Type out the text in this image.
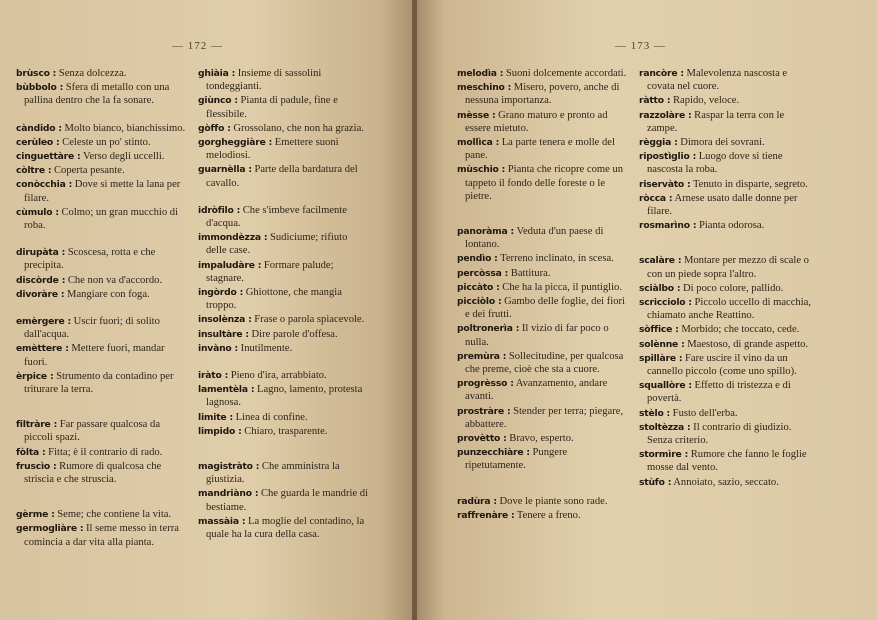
— 172 —
brùsco : Senza dolcezza.
bùbbolo : Sfera di metallo con una pallina dentro che la fa sonare.
càndido : Molto bianco, bianchissimo.
cerùleo : Celeste un po' stinto.
cinguettàre : Verso degli uccelli.
còltre : Coperta pesante.
conòcchia : Dove si mette la lana per filare.
cùmulo : Colmo; un gran mucchio di roba.
dirupàta : Scoscesa, rotta e che precipita.
discòrde : Che non va d'accordo.
divoràre : Mangiare con foga.
emèrgere : Uscir fuori; di solito dall'acqua.
emèttere : Mettere fuori, mandar fuori.
èrpice : Strumento da contadino per triturare la terra.
filtràre : Far passare qualcosa da piccoli spazi.
fòlta : Fitta; è il contrario di rado.
fruscìo : Rumore di qualcosa che striscia e che struscia.
gèrme : Seme; che contiene la vita.
germogliàre : Il seme messo in terra comincia a dar vita alla pianta.
ghiàia : Insieme di sassolini tondeggianti.
giùnco : Pianta di padule, fine e flessibile.
gòffo : Grossolano, che non ha grazia.
gorgheggiàre : Emettere suoni melodiosi.
guarnèlla : Parte della bardatura del cavallo.
idròfilo : Che s'imbeve facilmente d'acqua.
immondèzza : Sudiciume; rifiuto delle case.
impaludàre : Formare palude; stagnare.
ingòrdo : Ghiottone, che mangia troppo.
insolènza : Frase o parola spiacevole.
insultàre : Dire parole d'offesa.
invàno : Inutilmente.
iràto : Pieno d'ira, arrabbiato.
lamentèla : Lagno, lamento, protesta lagnosa.
limite : Linea di confine.
limpido : Chiaro, trasparente.
magistràto : Che amministra la giustizia.
mandriàno : Che guarda le mandrie di bestiame.
massàia : La moglie del contadino, la quale ha la cura della casa.
— 173 —
melodìa : Suoni dolcemente accordati.
meschino : Misero, povero, anche di nessuna importanza.
mèsse : Grano maturo e pronto ad essere mietuto.
mollìca : La parte tenera e molle del pane.
mùschio : Pianta che ricopre come un tappeto il fondo delle foreste o le pietre.
panoràma : Veduta d'un paese di lontano.
pendìo : Terreno inclinato, in scesa.
percòssa : Battitura.
piccàto : Che ha la picca, il puntiglio.
picciòlo : Gambo delle foglie, dei fiori e dei frutti.
poltronerìa : Il vizio di far poco o nulla.
premùra : Sollecitudine, per qualcosa che preme, cioè che sta a cuore.
progrèsso : Avanzamento, andare avanti.
prostràre : Stender per terra; piegare, abbattere.
provètto : Bravo, esperto.
punzecchiàre : Pungere ripetutamente.
radùra : Dove le piante sono rade.
raffrenàre : Tenere a freno.
rancòre : Malevolenza nascosta e covata nel cuore.
ràtto : Rapido, veloce.
razzolàre : Raspar la terra con le zampe.
règgia : Dimora dei sovrani.
ripostìglio : Luogo dove si tiene nascosta la roba.
riservàto : Tenuto in disparte, segreto.
ròcca : Arnese usato dalle donne per filare.
rosmarìno : Pianta odorosa.
scalàre : Montare per mezzo di scale o con un piede sopra l'altro.
sciàlbo : Di poco colore, pallido.
scricciolo : Piccolo uccello di macchia, chiamato anche Reattino.
sòffice : Morbido; che toccato, cede.
solènne : Maestoso, di grande aspetto.
spillàre : Fare uscire il vino da un cannello piccolo (come uno spillo).
squallòre : Effetto di tristezza e di povertà.
stèlo : Fusto dell'erba.
stoltèzza : Il contrario di giudizio. Senza criterio.
stormìre : Rumore che fanno le foglie mosse dal vento.
stùfo : Annoiato, sazio, seccato.
